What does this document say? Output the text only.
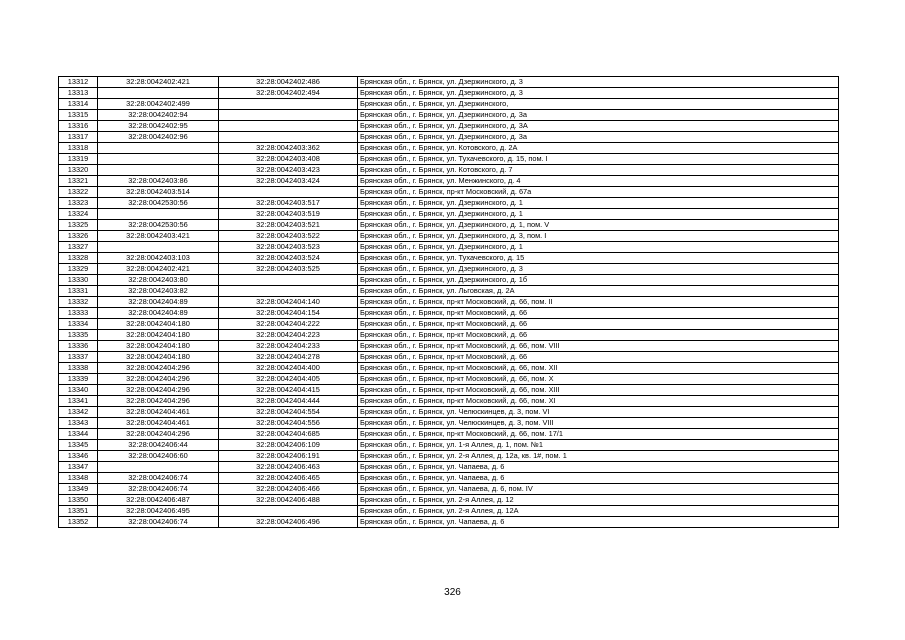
13312	32:28:0042402:421	32:28:0042402:486	Брянская обл., г. Брянск, ул. Дзержинского, д. 3
13313		32:28:0042402:494	Брянская обл., г. Брянск, ул. Дзержинского, д. 3
13314	32:28:0042402:499		Брянская обл., г. Брянск, ул. Дзержинского,
13315	32:28:0042402:94		Брянская обл., г. Брянск, ул. Дзержинского, д. 3а
13316	32:28:0042402:95		Брянская обл., г. Брянск, ул. Дзержинского, д. 3А
13317	32:28:0042402:96		Брянская обл., г. Брянск, ул. Дзержинского, д. 3а
13318		32:28:0042403:362	Брянская обл., г. Брянск, ул. Котовского, д. 2А
13319		32:28:0042403:408	Брянская обл., г. Брянск, ул. Тухачевского, д. 15, пом. I
13320		32:28:0042403:423	Брянская обл., г. Брянск, ул. Котовского, д. 7
13321	32:28:0042403:86	32:28:0042403:424	Брянская обл., г. Брянск, ул. Менжинского, д. 4
13322	32:28:0042403:514		Брянская обл., г. Брянск, пр-кт Московский, д. 67а
13323	32:28:0042530:56	32:28:0042403:517	Брянская обл., г. Брянск, ул. Дзержинского, д. 1
13324		32:28:0042403:519	Брянская обл., г. Брянск, ул. Дзержинского, д. 1
13325	32:28:0042530:56	32:28:0042403:521	Брянская обл., г. Брянск, ул. Дзержинского, д. 1, пом. V
13326	32:28:0042403:421	32:28:0042403:522	Брянская обл., г. Брянск, ул. Дзержинского, д. 3, пом. I
13327		32:28:0042403:523	Брянская обл., г. Брянск, ул. Дзержинского, д. 1
13328	32:28:0042403:103	32:28:0042403:524	Брянская обл., г. Брянск, ул. Тухачевского, д. 15
13329	32:28:0042402:421	32:28:0042403:525	Брянская обл., г. Брянск, ул. Дзержинского, д. 3
13330	32:28:0042403:80		Брянская обл., г. Брянск, ул. Дзержинского, д. 1б
13331	32:28:0042403:82		Брянская обл., г. Брянск, ул. Льговская, д. 2А
13332	32:28:0042404:89	32:28:0042404:140	Брянская обл., г. Брянск, пр-кт Московский, д. 66, пом. II
13333	32:28:0042404:89	32:28:0042404:154	Брянская обл., г. Брянск, пр-кт Московский, д. 66
13334	32:28:0042404:180	32:28:0042404:222	Брянская обл., г. Брянск, пр-кт Московский, д. 66
13335	32:28:0042404:180	32:28:0042404:223	Брянская обл., г. Брянск, пр-кт Московский, д. 66
13336	32:28:0042404:180	32:28:0042404:233	Брянская обл., г. Брянск, пр-кт Московский, д. 66, пом. VIII
13337	32:28:0042404:180	32:28:0042404:278	Брянская обл., г. Брянск, пр-кт Московский, д. 66
13338	32:28:0042404:296	32:28:0042404:400	Брянская обл., г. Брянск, пр-кт Московский, д. 66, пом. XII
13339	32:28:0042404:296	32:28:0042404:405	Брянская обл., г. Брянск, пр-кт Московский, д. 66, пом. X
13340	32:28:0042404:296	32:28:0042404:415	Брянская обл., г. Брянск, пр-кт Московский, д. 66, пом. XIII
13341	32:28:0042404:296	32:28:0042404:444	Брянская обл., г. Брянск, пр-кт Московский, д. 66, пом. XI
13342	32:28:0042404:461	32:28:0042404:554	Брянская обл., г. Брянск, ул. Челюскинцев, д. 3, пом. VI
13343	32:28:0042404:461	32:28:0042404:556	Брянская обл., г. Брянск, ул. Челюскинцев, д. 3, пом. VIII
13344	32:28:0042404:296	32:28:0042404:685	Брянская обл., г. Брянск, пр-кт Московский, д. 66, пом. 17/1
13345	32:28:0042406:44	32:28:0042406:109	Брянская обл., г. Брянск, ул. 1-я Аллея, д. 1, пом. №1
13346	32:28:0042406:60	32:28:0042406:191	Брянская обл., г. Брянск, ул. 2-я Аллея, д. 12а, кв. 1#, пом. 1
13347		32:28:0042406:463	Брянская обл., г. Брянск, ул. Чапаева, д. 6
13348	32:28:0042406:74	32:28:0042406:465	Брянская обл., г. Брянск, ул. Чапаева, д. 6
13349	32:28:0042406:74	32:28:0042406:466	Брянская обл., г. Брянск, ул. Чапаева, д. 6, пом. IV
13350	32:28:0042406:487	32:28:0042406:488	Брянская обл., г. Брянск, ул. 2-я Аллея, д. 12
13351	32:28:0042406:495		Брянская обл., г. Брянск, ул. 2-я Аллея, д. 12А
13352	32:28:0042406:74	32:28:0042406:496	Брянская обл., г. Брянск, ул. Чапаева, д. 6
326
